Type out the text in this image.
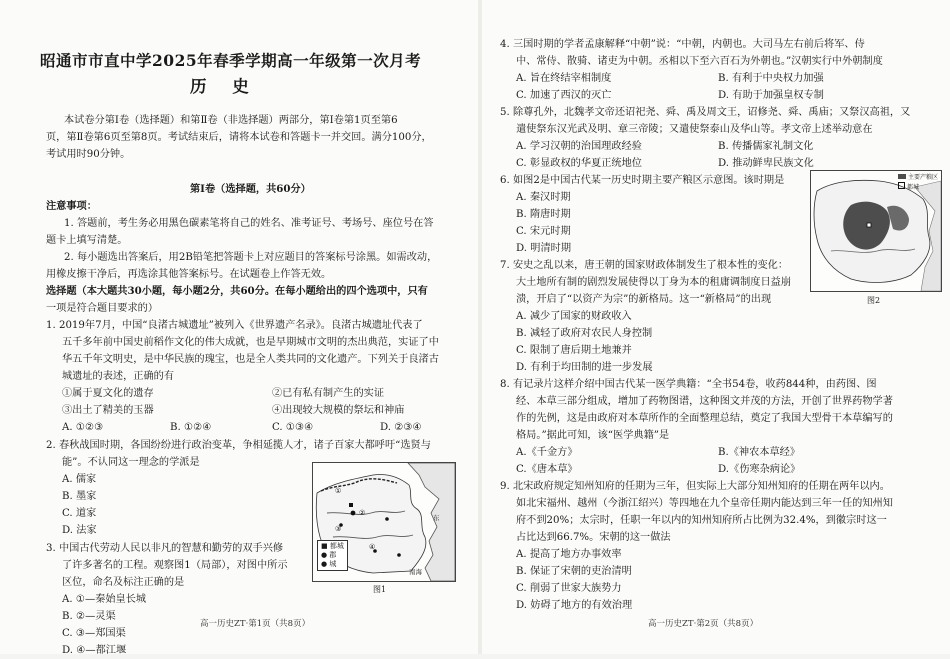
昭通市市直中学2025年春季学期高一年级第一次月考
历 史
本试卷分第Ⅰ卷（选择题）和第Ⅱ卷（非选择题）两部分，第Ⅰ卷第1页至第6
页，第Ⅱ卷第6页至第8页。考试结束后，请将本试卷和答题卡一并交回。满分100分，
考试用时90分钟。
第Ⅰ卷（选择题，共60分）
注意事项：
1. 答题前，考生务必用黑色碳素笔将自己的姓名、准考证号、考场号、座位号在答
题卡上填写清楚。
2. 每小题选出答案后，用2B铅笔把答题卡上对应题目的答案标号涂黑。如需改动，
用橡皮擦干净后，再选涂其他答案标号。在试题卷上作答无效。
选择题（本大题共30小题，每小题2分，共60分。在每小题给出的四个选项中，只有
一项是符合题目要求的）
1. 2019年7月，中国“良渚古城遗址”被列入《世界遗产名录》。良渚古城遗址代表了
五千多年前中国史前稻作文化的伟大成就，也是早期城市文明的杰出典范，实证了中
华五千年文明史，是中华民族的瑰宝，也是全人类共同的文化遗产。下列关于良渚古
城遗址的表述，正确的有
①属于夏文化的遗存	②已有私有制产生的实证
③出土了精美的玉器	④出现较大规模的祭坛和神庙
A. ①②③	B. ①②④	C. ①③④	D. ②③④
2. 春秋战国时期，各国纷纷进行政治变革，争相延揽人才，诸子百家大都呼吁“选贤与
能”。不认同这一理念的学派是
A. 儒家
B. 墨家
C. 道家
D. 法家
3. 中国古代劳动人民以非凡的智慧和勤劳的双手兴修
了许多著名的工程。观察图1（局部），对图中所示
区位，命名及标注正确的是
A. ①—秦始皇长城
B. ②—灵渠
C. ③—郑国渠
D. ④—都江堰
①
②
③
④
■ 都城
● 郡
● 城
东
南海
图1
高一历史ZT·第1页（共8页）
4. 三国时期的学者孟康解释“中朝”说：“中朝，内朝也。大司马左右前后将军、侍
中、常侍、散骑、诸吏为中朝。丞相以下至六百石为外朝也。”汉朝实行中外朝制度
A. 旨在终结宰相制度	B. 有利于中央权力加强
C. 加速了西汉的灭亡	D. 有助于加强皇权专制
5. 除尊孔外，北魏孝文帝还诏祀尧、舜、禹及周文王，诏修尧、舜、禹庙；又祭汉高祖，又
遣使祭东汉光武及明、章三帝陵；又遣使祭泰山及华山等。孝文帝上述举动意在
A. 学习汉朝的治国理政经验	B. 传播儒家礼制文化
C. 彰显政权的华夏正统地位	D. 推动鲜卑民族文化
6. 如图2是中国古代某一历史时期主要产粮区示意图。该时期是
A. 秦汉时期
B. 隋唐时期
C. 宋元时期
D. 明清时期
主要产粮区
都城
图2
7. 安史之乱以来，唐王朝的国家财政体制发生了根本性的变化：
大土地所有制的剧烈发展使得以丁身为本的租庸调制度日益崩
溃，开启了“以资产为宗”的新格局。这一“新格局”的出现
A. 减少了国家的财政收入
B. 减轻了政府对农民人身控制
C. 限制了唐后期土地兼并
D. 有利于均田制的进一步发展
8. 有记录片这样介绍中国古代某一医学典籍：“全书54卷，收药844种，由药图、图
经、本草三部分组成，增加了药物图谱，这种图文并茂的方法，开创了世界药物学著
作的先例，这是由政府对本草所作的全面整理总结，奠定了我国大型骨干本草编写的
格局。”据此可知，该“医学典籍”是
A.《千金方》	B.《神农本草经》
C.《唐本草》	D.《伤寒杂病论》
9. 北宋政府规定知州知府的任期为三年，但实际上大部分知州知府的任期在两年以内。
如北宋福州、越州（今浙江绍兴）等四地在九个皇帝任期内能达到三年一任的知州知
府不到20%；太宗时，任职一年以内的知州知府所占比例为32.4%，到徽宗时这一
占比达到66.7%。宋朝的这一做法
A. 提高了地方办事效率
B. 保证了宋朝的吏治清明
C. 削弱了世家大族势力
D. 妨碍了地方的有效治理
高一历史ZT·第2页（共8页）
